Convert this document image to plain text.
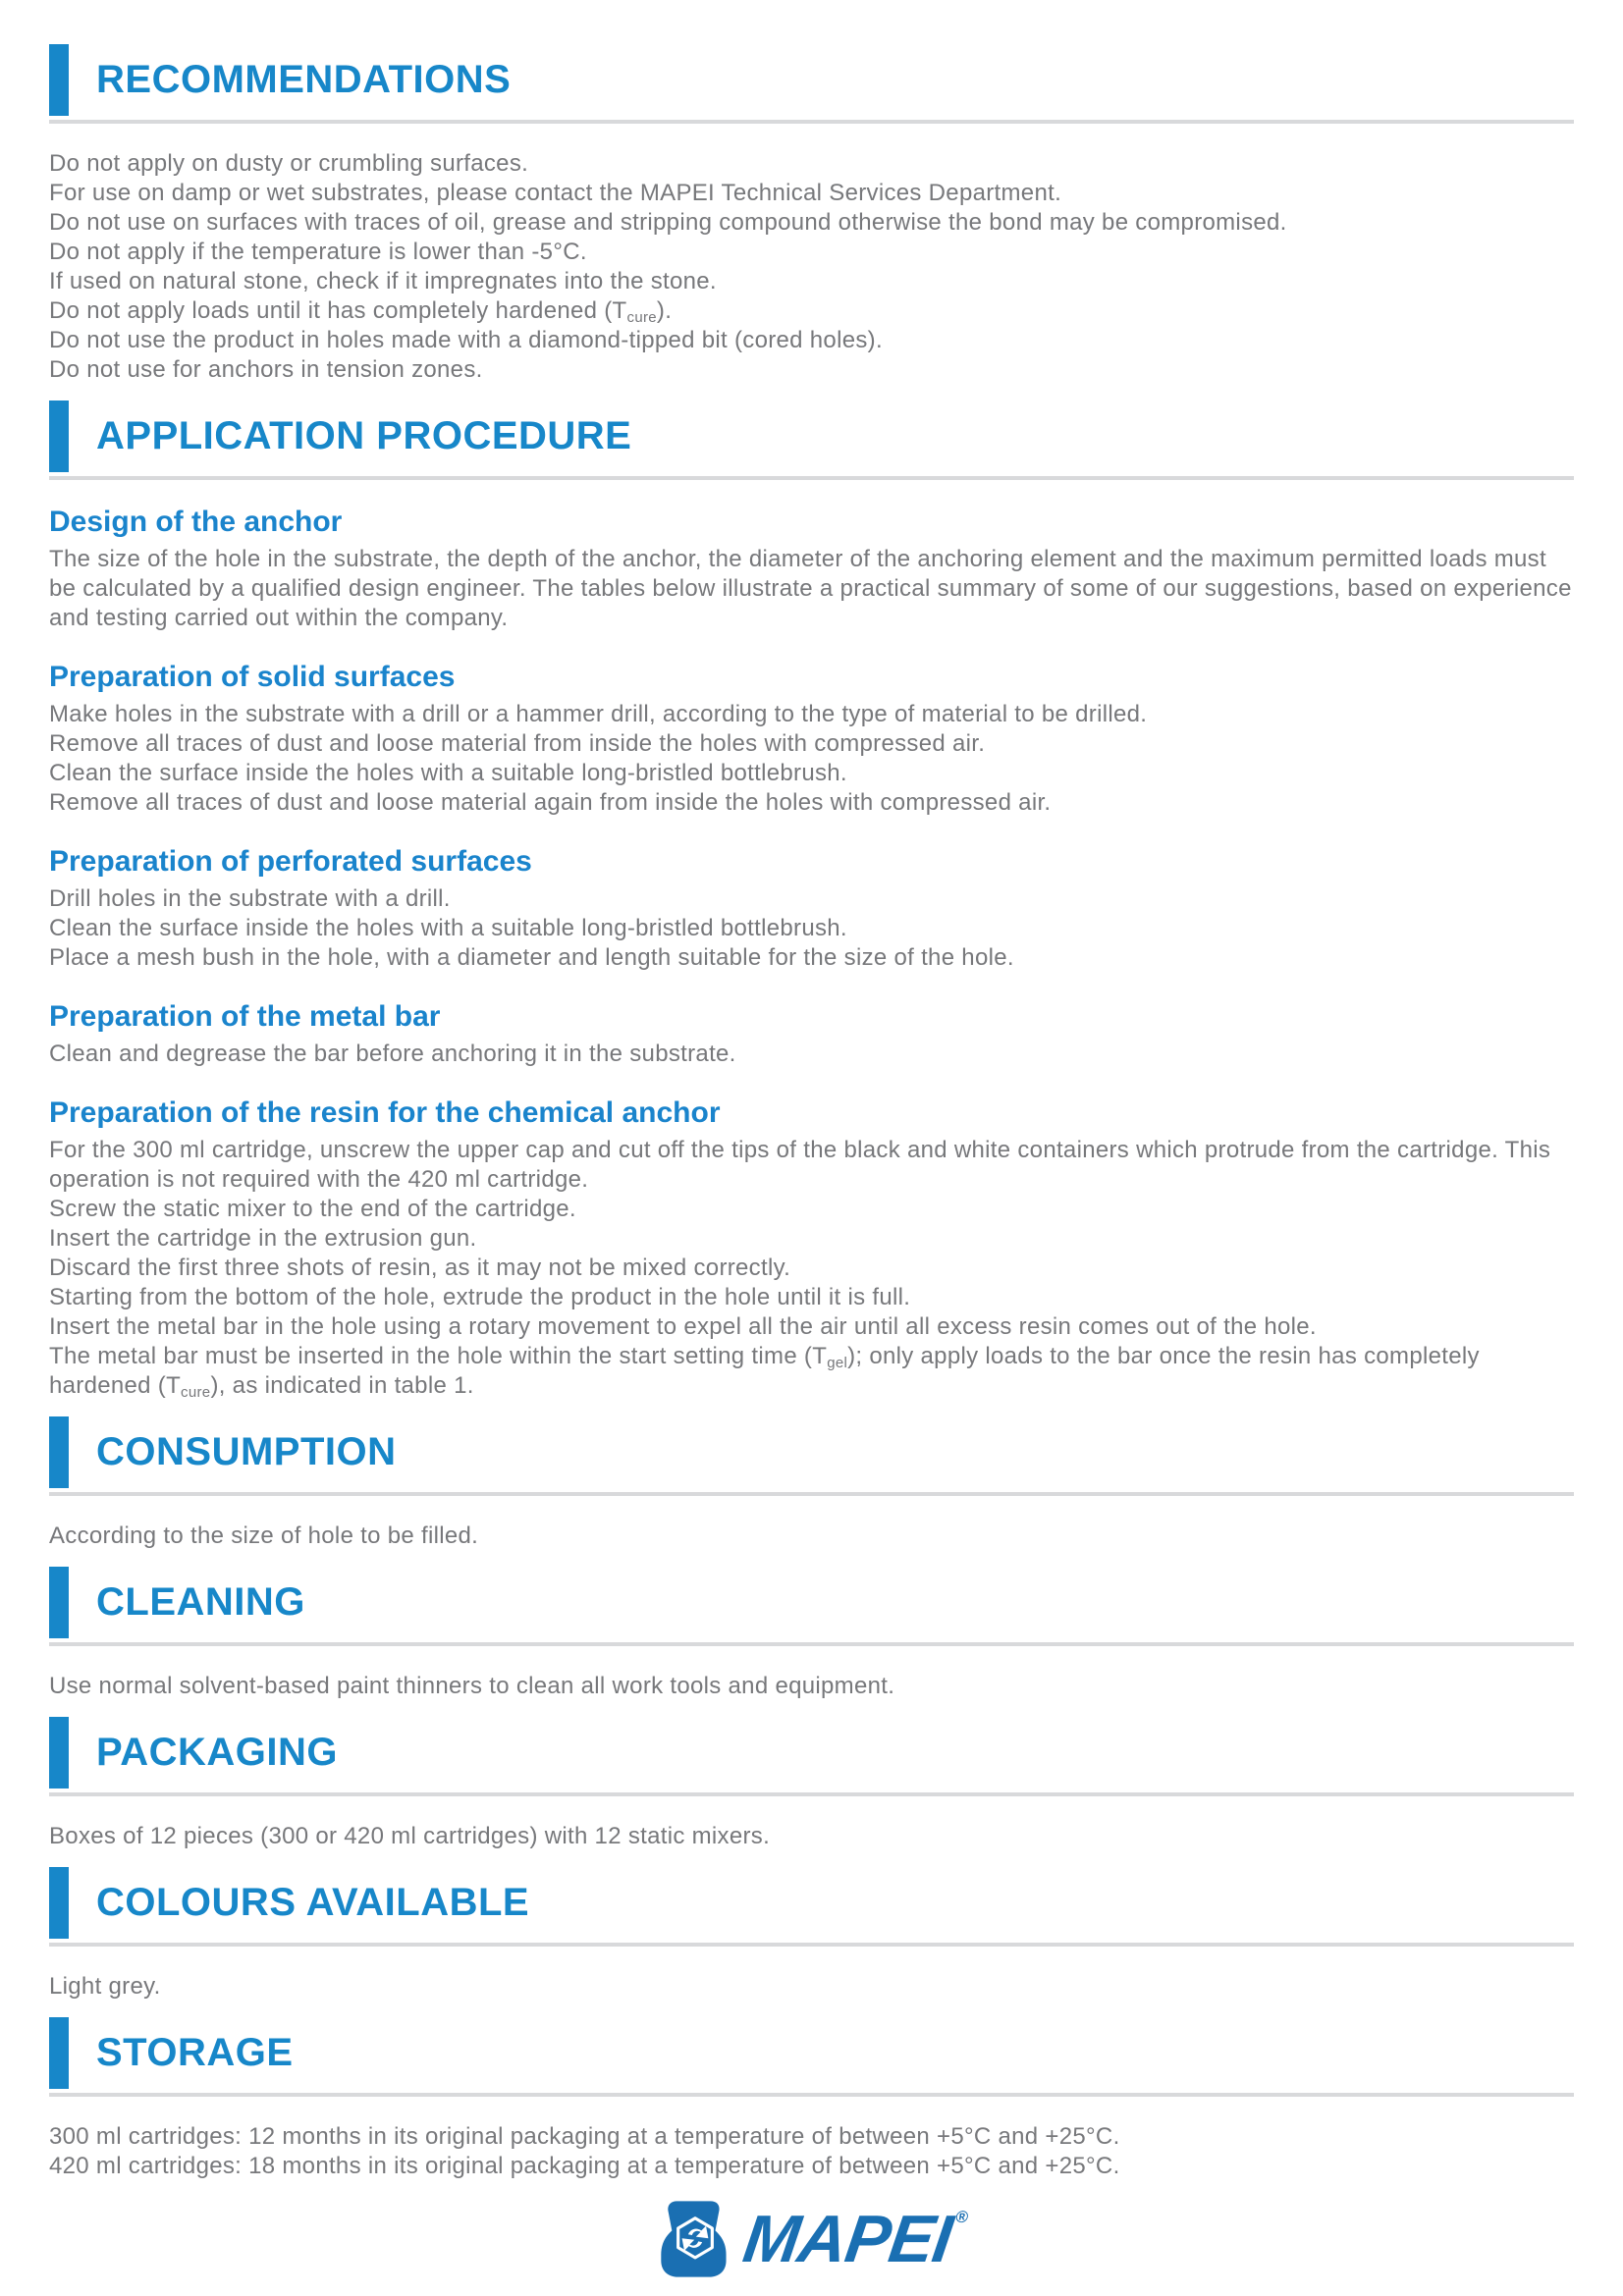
RECOMMENDATIONS

Do not apply on dusty or crumbling surfaces.

For use on damp or wet substrates, please contact the MAPEI Technical Services Department.

Do not use on surfaces with traces of oil, grease and stripping compound otherwise the bond may be compromised.

Do not apply if the temperature is lower than -5°C.

If used on natural stone, check if it impregnates into the stone.

Do not apply loads until it has completely hardened $(T_{cure})$.

Do not use the product in holes made with a diamond-tipped bit (cored holes).

Do not use for anchors in tension zones.

APPLICATION PROCEDURE
Design of the anchor

The size of the hole in the substrate, the depth of the anchor, the diameter of the anchoring element and the maximum permitted loads must be calculated by a qualified design engineer. The tables below illustrate a practical summary of some of our suggestions, based on experience and testing carried out within the company.

Preparation of solid surfaces

Make holes in the substrate with a drill or a hammer drill, according to the type of material to be drilled.

Remove all traces of dust and loose material from inside the holes with compressed air.

Clean the surface inside the holes with a suitable long-bristled bottlebrush.

Remove all traces of dust and loose material again from inside the holes with compressed air.

Preparation of perforated surfaces

Drill holes in the substrate with a drill.

Clean the surface inside the holes with a suitable long-bristled bottlebrush.

Place a mesh bush in the hole, with a diameter and length suitable for the size of the hole.

Preparation of the metal bar

Clean and degrease the bar before anchoring it in the substrate.

Preparation of the resin for the chemical anchor

For the 300 ml cartridge, unscrew the upper cap and cut off the tips of the black and white containers which protrude from the cartridge. This operation is not required with the 420 ml cartridge.

Screw the static mixer to the end of the cartridge.

Insert the cartridge in the extrusion gun.

Discard the first three shots of resin, as it may not be mixed correctly.

Starting from the bottom of the hole, extrude the product in the hole until it is full.

Insert the metal bar in the hole using a rotary movement to expel all the air until all excess resin comes out of the hole.

The metal bar must be inserted in the hole within the start setting time $(T_{gel})$; only apply loads to the bar once the resin has completely hardened $(T_{cure})$, as indicated in table 1.

CONSUMPTION

According to the size of hole to be filled.

CLEANING

Use normal solvent-based paint thinners to clean all work tools and equipment.

PACKAGING

Boxes of 12 pieces (300 or 420 ml cartridges) with 12 static mixers.

COLOURS AVAILABLE

Light grey.

STORAGE

300 ml cartridges: 12 months in its original packaging at a temperature of between +5°C and +25°C.

420 ml cartridges: 18 months in its original packaging at a temperature of between +5°C and +25°C.

MAPEI
®
